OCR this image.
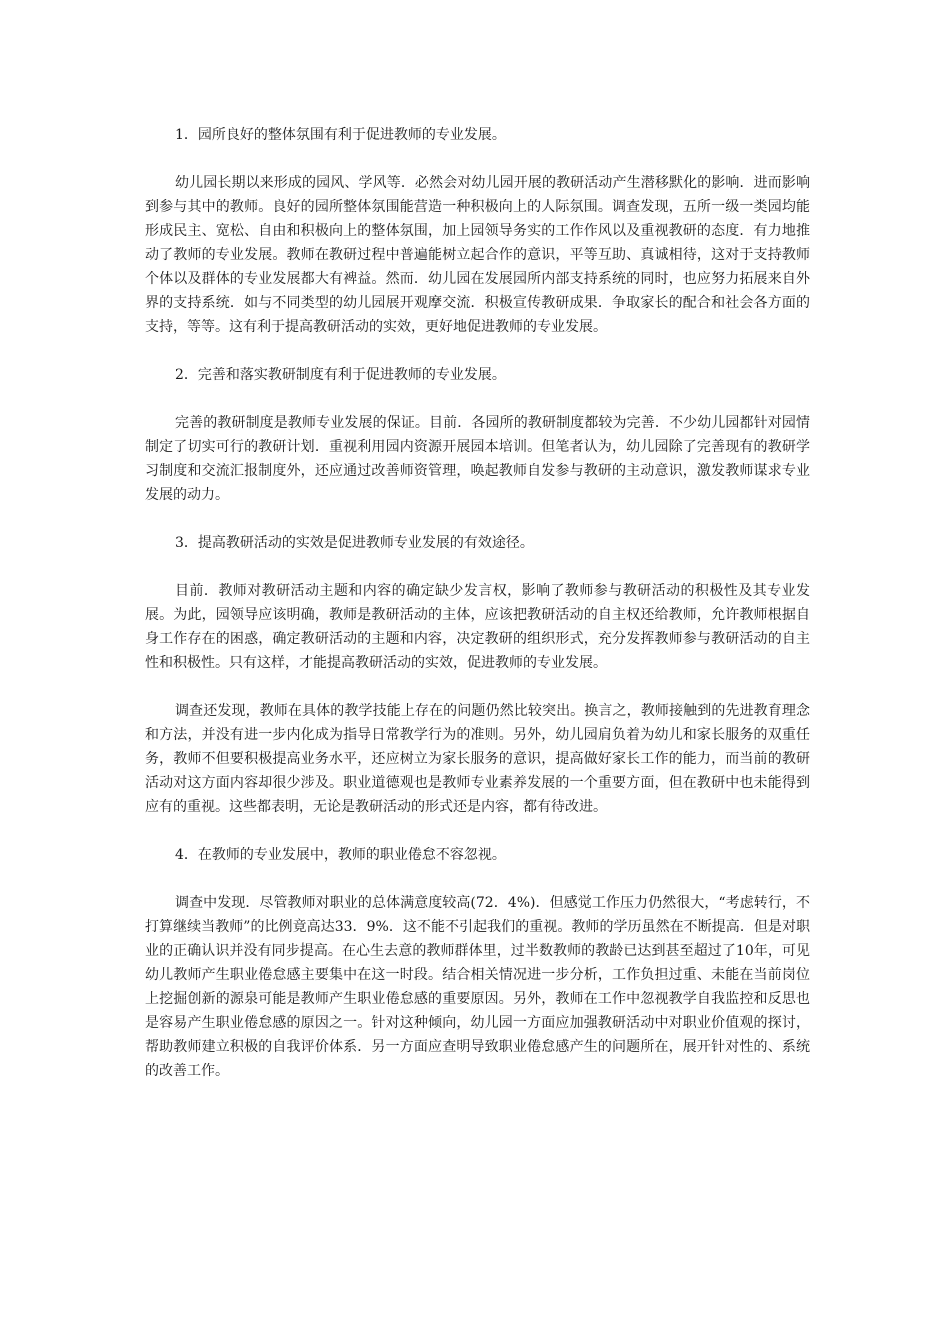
1．园所良好的整体氛围有利于促进教师的专业发展。

幼儿园长期以来形成的园风、学风等．必然会对幼儿园开展的教研活动产生潜移默化的影响．进而影响到参与其中的教师。良好的园所整体氛围能营造一种积极向上的人际氛围。调查发现，五所一级一类园均能形成民主、宽松、自由和积极向上的整体氛围，加上园领导务实的工作作风以及重视教研的态度．有力地推动了教师的专业发展。教师在教研过程中普遍能树立起合作的意识，平等互助、真诚相待，这对于支持教师个体以及群体的专业发展都大有裨益。然而．幼儿园在发展园所内部支持系统的同时，也应努力拓展来自外界的支持系统．如与不同类型的幼儿园展开观摩交流．积极宣传教研成果．争取家长的配合和社会各方面的支持，等等。这有利于提高教研活动的实效，更好地促进教师的专业发展。

2．完善和落实教研制度有利于促进教师的专业发展。

完善的教研制度是教师专业发展的保证。目前．各园所的教研制度都较为完善．不少幼儿园都针对园情制定了切实可行的教研计划．重视利用园内资源开展园本培训。但笔者认为，幼儿园除了完善现有的教研学习制度和交流汇报制度外，还应通过改善师资管理，唤起教师自发参与教研的主动意识，激发教师谋求专业发展的动力。

3．提高教研活动的实效是促进教师专业发展的有效途径。

目前．教师对教研活动主题和内容的确定缺少发言权，影响了教师参与教研活动的积极性及其专业发展。为此，园领导应该明确，教师是教研活动的主体，应该把教研活动的自主权还给教师，允许教师根据自身工作存在的困惑，确定教研活动的主题和内容，决定教研的组织形式，充分发挥教师参与教研活动的自主性和积极性。只有这样，才能提高教研活动的实效，促进教师的专业发展。

调查还发现，教师在具体的教学技能上存在的问题仍然比较突出。换言之，教师接触到的先进教育理念和方法，并没有进一步内化成为指导日常教学行为的准则。另外，幼儿园肩负着为幼儿和家长服务的双重任务，教师不但要积极提高业务水平，还应树立为家长服务的意识，提高做好家长工作的能力，而当前的教研活动对这方面内容却很少涉及。职业道德观也是教师专业素养发展的一个重要方面，但在教研中也未能得到应有的重视。这些都表明，无论是教研活动的形式还是内容，都有待改进。

4．在教师的专业发展中，教师的职业倦怠不容忽视。

调查中发现．尽管教师对职业的总体满意度较高(72．4%)．但感觉工作压力仍然很大，“考虑转行，不打算继续当教师”的比例竟高达33．9%．这不能不引起我们的重视。教师的学历虽然在不断提高．但是对职业的正确认识并没有同步提高。在心生去意的教师群体里，过半数教师的教龄已达到甚至超过了10年，可见幼儿教师产生职业倦怠感主要集中在这一时段。结合相关情况进一步分析，工作负担过重、未能在当前岗位上挖掘创新的源泉可能是教师产生职业倦怠感的重要原因。另外，教师在工作中忽视教学自我监控和反思也是容易产生职业倦怠感的原因之一。针对这种倾向，幼儿园一方面应加强教研活动中对职业价值观的探讨，帮助教师建立积极的自我评价体系．另一方面应查明导致职业倦怠感产生的问题所在，展开针对性的、系统的改善工作。
